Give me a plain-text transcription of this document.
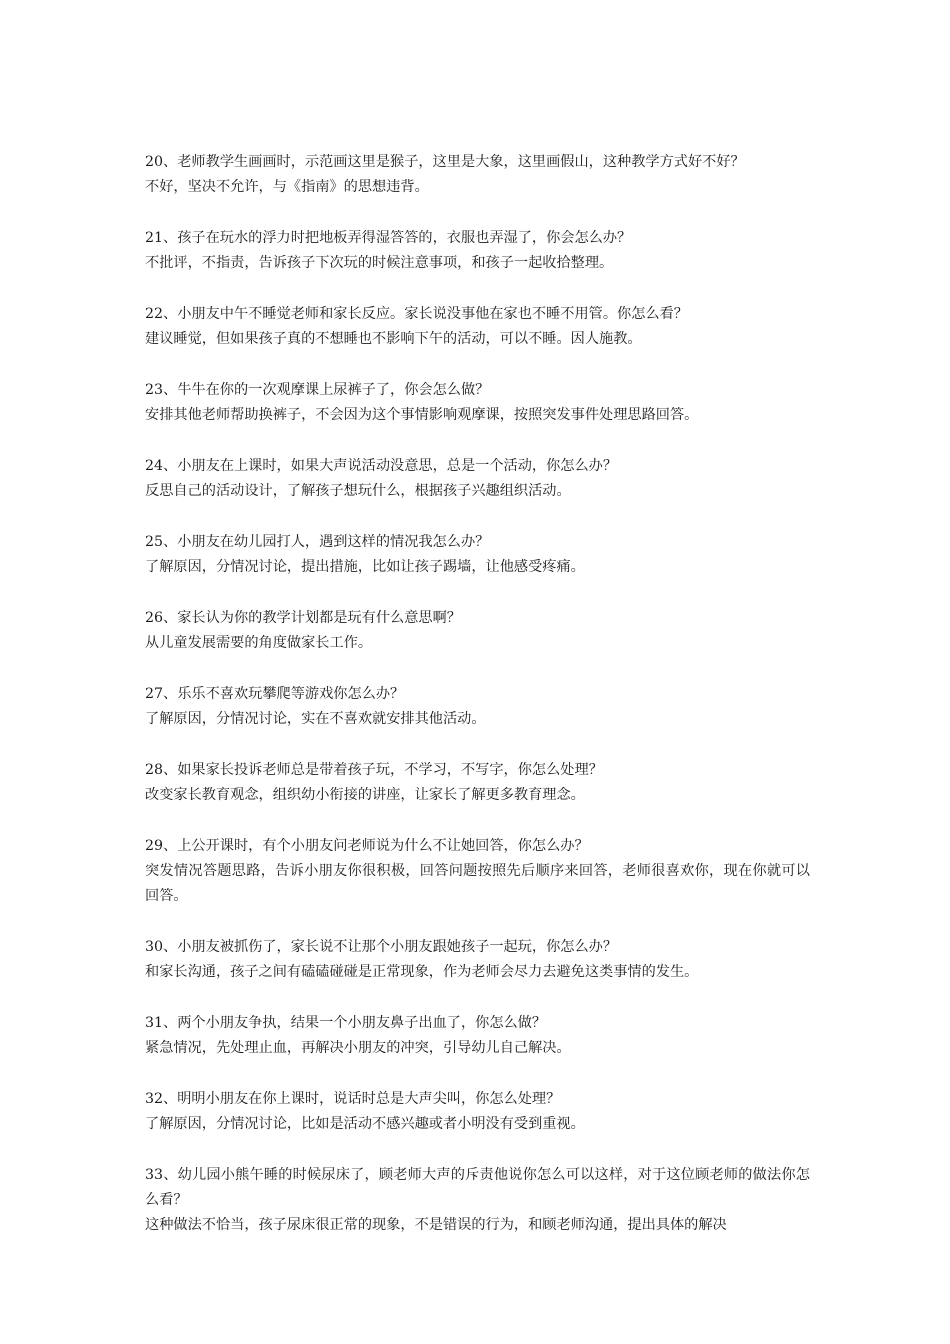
20、老师教学生画画时，示范画这里是猴子，这里是大象，这里画假山，这种教学方式好不好？

不好，坚决不允许，与《指南》的思想违背。

21、孩子在玩水的浮力时把地板弄得湿答答的，衣服也弄湿了，你会怎么办？

不批评，不指责，告诉孩子下次玩的时候注意事项，和孩子一起收拾整理。

22、小朋友中午不睡觉老师和家长反应。家长说没事他在家也不睡不用管。你怎么看？

建议睡觉，但如果孩子真的不想睡也不影响下午的活动，可以不睡。因人施教。

23、牛牛在你的一次观摩课上尿裤子了，你会怎么做？

安排其他老师帮助换裤子，不会因为这个事情影响观摩课，按照突发事件处理思路回答。

24、小朋友在上课时，如果大声说活动没意思，总是一个活动，你怎么办？

反思自己的活动设计，了解孩子想玩什么，根据孩子兴趣组织活动。

25、小朋友在幼儿园打人，遇到这样的情况我怎么办？

了解原因，分情况讨论，提出措施，比如让孩子踢墙，让他感受疼痛。

26、家长认为你的教学计划都是玩有什么意思啊？

从儿童发展需要的角度做家长工作。

27、乐乐不喜欢玩攀爬等游戏你怎么办？

了解原因，分情况讨论，实在不喜欢就安排其他活动。

28、如果家长投诉老师总是带着孩子玩，不学习，不写字，你怎么处理？

改变家长教育观念，组织幼小衔接的讲座，让家长了解更多教育理念。

29、上公开课时，有个小朋友问老师说为什么不让她回答，你怎么办？

突发情况答题思路，告诉小朋友你很积极，回答问题按照先后顺序来回答，老师很喜欢你，现在你就可以回答。

30、小朋友被抓伤了，家长说不让那个小朋友跟她孩子一起玩，你怎么办？

和家长沟通，孩子之间有磕磕碰碰是正常现象，作为老师会尽力去避免这类事情的发生。

31、两个小朋友争执，结果一个小朋友鼻子出血了，你怎么做？

紧急情况，先处理止血，再解决小朋友的冲突，引导幼儿自己解决。

32、明明小朋友在你上课时，说话时总是大声尖叫，你怎么处理？

了解原因，分情况讨论，比如是活动不感兴趣或者小明没有受到重视。

33、幼儿园小熊午睡的时候尿床了，顾老师大声的斥责他说你怎么可以这样，对于这位顾老师的做法你怎么看？

这种做法不恰当，孩子尿床很正常的现象，不是错误的行为，和顾老师沟通，提出具体的解决
